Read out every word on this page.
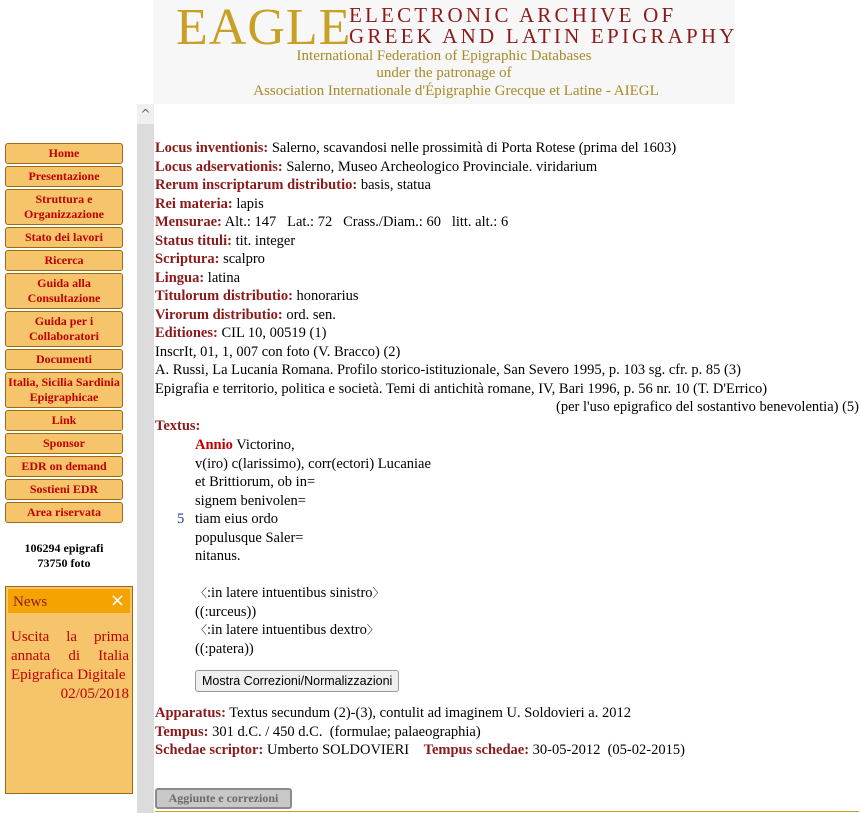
EAGLE
ELECTRONIC ARCHIVE OF
GREEK AND LATIN EPIGRAPHY
International Federation of Epigraphic Databases
under the patronage of
Association Internationale d'Épigraphie Grecque et Latine - AIEGL
Home
Presentazione
Struttura e Organizzazione
Stato dei lavori
Ricerca
Guida alla Consultazione
Guida per i Collaboratori
Documenti
Italia, Sicilia Sardinia Epigraphicae
Link
Sponsor
EDR on demand
Sostieni EDR
Area riservata
106294 epigrafi
73750 foto
News	×
Uscita la prima annata di Italia Epigrafica Digitale
02/05/2018
^
Locus inventionis: Salerno, scavandosi nelle prossimità di Porta Rotese (prima del 1603)
Locus adservationis: Salerno, Museo Archeologico Provinciale. viridarium
Rerum inscriptarum distributio: basis, statua
Rei materia: lapis
Mensurae: Alt.: 147   Lat.: 72   Crass./Diam.: 60   litt. alt.: 6
Status tituli: tit. integer
Scriptura: scalpro
Lingua: latina
Titulorum distributio: honorarius
Virorum distributio: ord. sen.
Editiones: CIL 10, 00519 (1)
InscrIt, 01, 1, 007 con foto (V. Bracco) (2)
A. Russi, La Lucania Romana. Profilo storico-istituzionale, San Severo 1995, p. 103 sg. cfr. p. 85 (3)
Epigrafia e territorio, politica e società. Temi di antichità romane, IV, Bari 1996, p. 56 nr. 10 (T. D'Errico)
(per l'uso epigrafico del sostantivo benevolentia) (5)
Textus:
Annio Victorino,
v(iro) c(larissimo), corr(ectori) Lucaniae
et Brittiorum, ob in=
signem benivolen=
5 tiam eius ordo
populusque Saler=
nitanus.

〈:in latere intuentibus sinistro〉
((:urceus))
〈:in latere intuentibus dextro〉
((:patera))
Mostra Correzioni/Normalizzazioni
Apparatus: Textus secundum (2)-(3), contulit ad imaginem U. Soldovieri a. 2012
Tempus: 301 d.C. / 450 d.C.  (formulae; palaeographia)
Schedae scriptor: Umberto SOLDOVIERI Tempus schedae: 30-05-2012  (05-02-2015)
Aggiunte e correzioni
